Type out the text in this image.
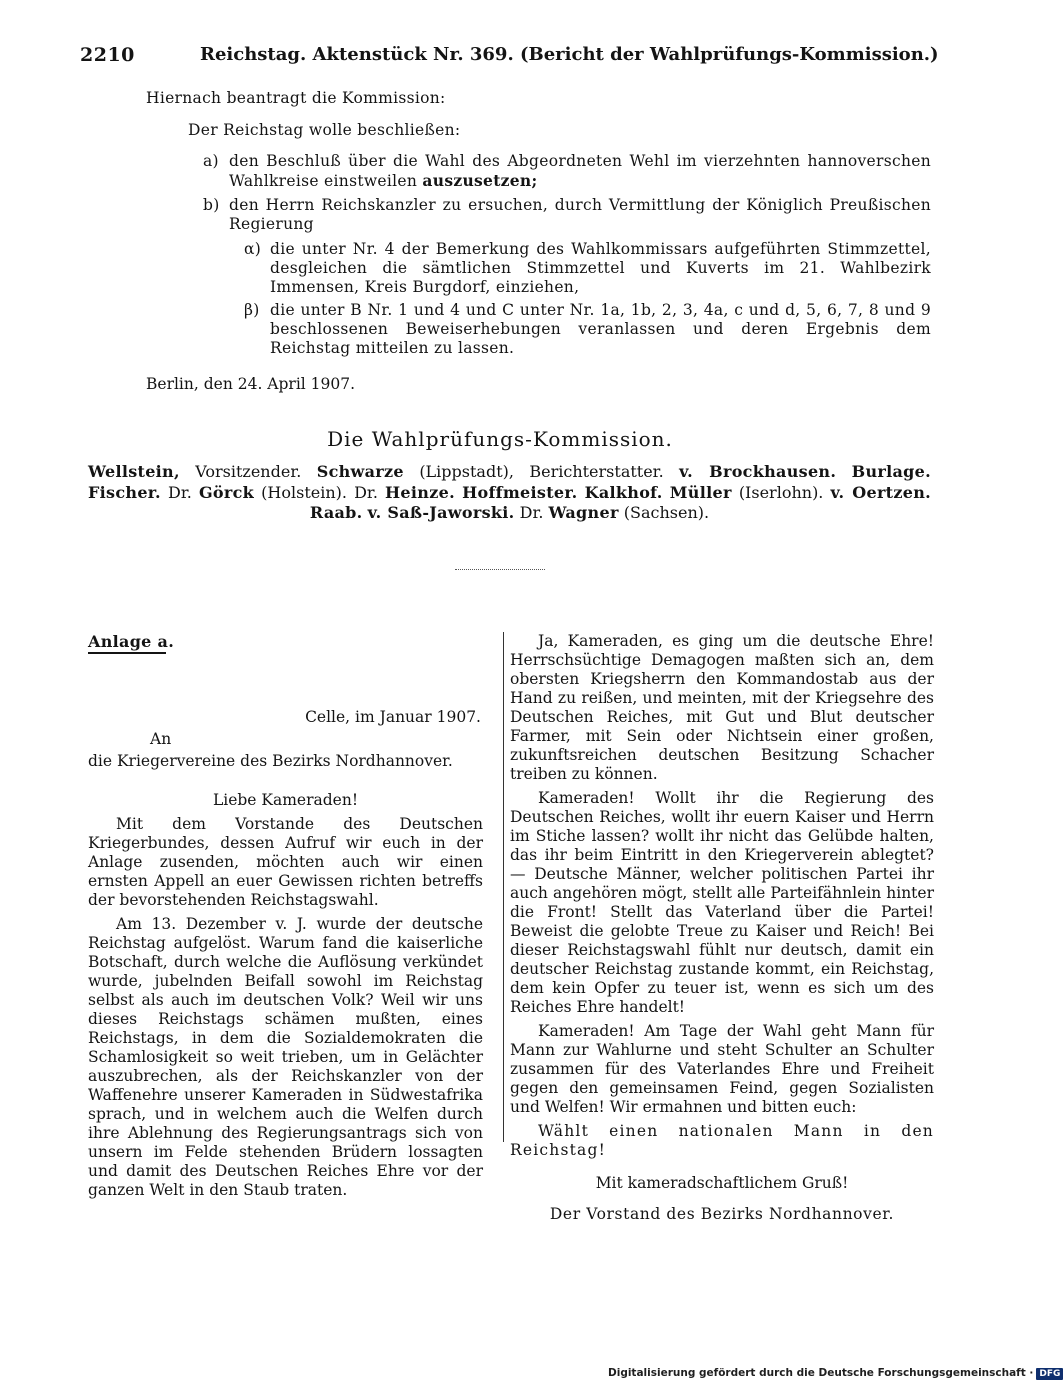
2210	Reichstag. Aktenstück Nr. 369. (Bericht der Wahlprüfungs-Kommission.)
Hiernach beantragt die Kommission:
Der Reichstag wolle beschließen:
a) den Beschluß über die Wahl des Abgeordneten Wehl im vierzehnten hannoverschen Wahlkreise einstweilen auszusetzen;
b) den Herrn Reichskanzler zu ersuchen, durch Vermittlung der Königlich Preußischen Regierung
α) die unter Nr. 4 der Bemerkung des Wahlkommissars aufgeführten Stimmzettel, desgleichen die sämtlichen Stimmzettel und Kuverts im 21. Wahlbezirk Immensen, Kreis Burgdorf, einziehen,
β) die unter B Nr. 1 und 4 und C unter Nr. 1a, 1b, 2, 3, 4a, c und d, 5, 6, 7, 8 und 9 beschlossenen Beweiserhebungen veranlassen und deren Ergebnis dem Reichstag mitteilen zu lassen.
Berlin, den 24. April 1907.
Die Wahlprüfungs-Kommission.
Wellstein, Vorsitzender. Schwarze (Lippstadt), Berichterstatter. v. Brockhausen. Burlage. Fischer. Dr. Görck (Holstein). Dr. Heinze. Hoffmeister. Kalkhof. Müller (Iserlohn). v. Oertzen. Raab. v. Saß-Jaworski. Dr. Wagner (Sachsen).
Anlage a.

Celle, im Januar 1907.

An

die Kriegervereine des Bezirks Nordhannover.

Liebe Kameraden!

Mit dem Vorstande des Deutschen Kriegerbundes, dessen Aufruf wir euch in der Anlage zusenden, möchten auch wir einen ernsten Appell an euer Gewissen richten betreffs der bevorstehenden Reichstagswahl.

Am 13. Dezember v. J. wurde der deutsche Reichstag aufgelöst. Warum fand die kaiserliche Botschaft, durch welche die Auflösung verkündet wurde, jubelnden Beifall sowohl im Reichstag selbst als auch im deutschen Volk? Weil wir uns dieses Reichstags schämen mußten, eines Reichstags, in dem die Sozialdemokraten die Schamlosigkeit so weit trieben, um in Gelächter auszubrechen, als der Reichskanzler von der Waffenehre unserer Kameraden in Südwestafrika sprach, und in welchem auch die Welfen durch ihre Ablehnung des Regierungsantrags sich von unsern im Felde stehenden Brüdern lossagten und damit des Deutschen Reiches Ehre vor der ganzen Welt in den Staub traten.

Ja, Kameraden, es ging um die deutsche Ehre! Herrschsüchtige Demagogen maßten sich an, dem obersten Kriegsherrn den Kommandostab aus der Hand zu reißen, und meinten, mit der Kriegsehre des Deutschen Reiches, mit Gut und Blut deutscher Farmer, mit Sein oder Nichtsein einer großen, zukunftsreichen deutschen Besitzung Schacher treiben zu können.

Kameraden! Wollt ihr die Regierung des Deutschen Reiches, wollt ihr euern Kaiser und Herrn im Stiche lassen? wollt ihr nicht das Gelübde halten, das ihr beim Eintritt in den Kriegerverein ablegtet? — Deutsche Männer, welcher politischen Partei ihr auch angehören mögt, stellt alle Parteifähnlein hinter die Front! Stellt das Vaterland über die Partei! Beweist die gelobte Treue zu Kaiser und Reich! Bei dieser Reichstagswahl fühlt nur deutsch, damit ein deutscher Reichstag zustande kommt, ein Reichstag, dem kein Opfer zu teuer ist, wenn es sich um des Reiches Ehre handelt!

Kameraden! Am Tage der Wahl geht Mann für Mann zur Wahlurne und steht Schulter an Schulter zusammen für des Vaterlandes Ehre und Freiheit gegen den gemeinsamen Feind, gegen Sozialisten und Welfen! Wir ermahnen und bitten euch:

Wählt einen nationalen Mann in den Reichstag!

Mit kameradschaftlichem Gruß!

Der Vorstand des Bezirks Nordhannover.

Digitalisierung gefördert durch die Deutsche Forschungsgemeinschaft · DFG
